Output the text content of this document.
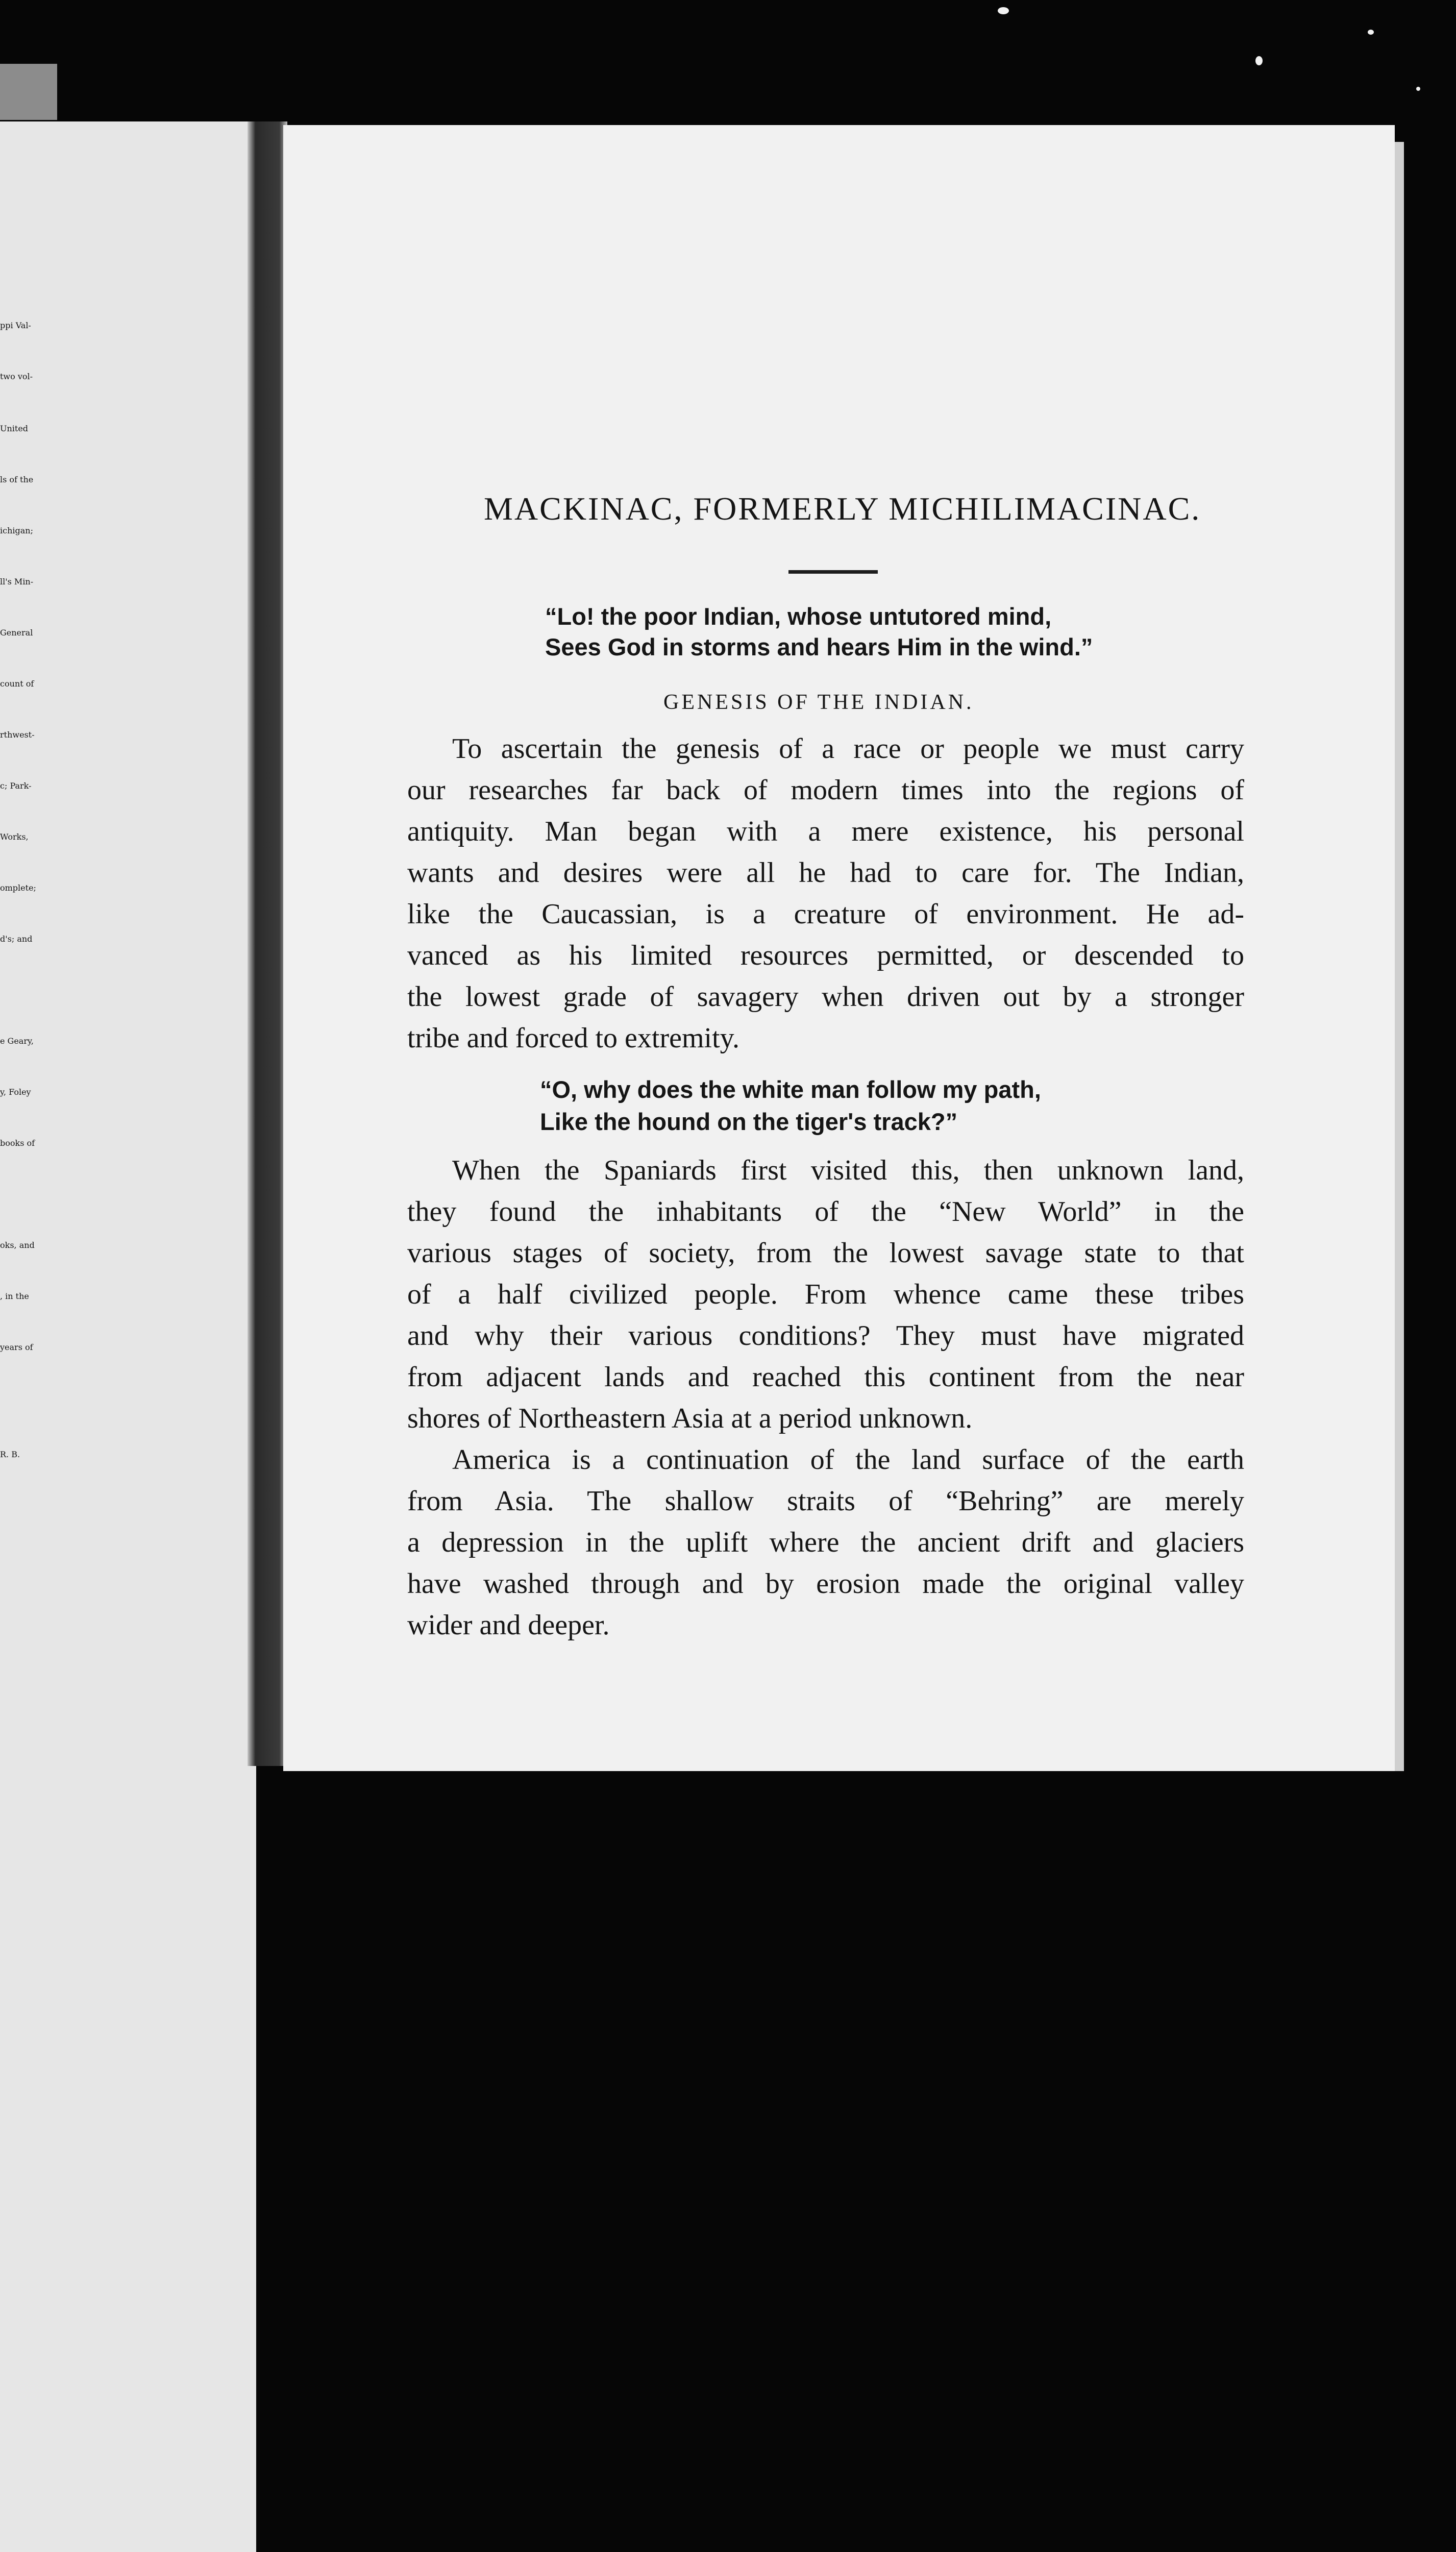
ppi Val-
two vol-
United
ls of the
ichigan;
ll's Min-
General
count of
rthwest-
c; Park-
Works,
omplete;
d's; and
e Geary,
y, Foley
books of
oks, and
, in the
years of
R. B.
MACKINAC, FORMERLY MICHILIMACINAC.
“Lo! the poor Indian, whose untutored mind,
Sees God in storms and hears Him in the wind.”
GENESIS OF THE INDIAN.
To ascertain the genesis of a race or people we must carry
our researches far back of modern times into the regions of
antiquity. Man began with a mere existence, his personal
wants and desires were all he had to care for. The Indian,
like the Caucassian, is a creature of environment. He ad-
vanced as his limited resources permitted, or descended to
the lowest grade of savagery when driven out by a stronger
tribe and forced to extremity.
“O, why does the white man follow my path,
Like the hound on the tiger's track?”
When the Spaniards first visited this, then unknown land,
they found the inhabitants of the “New World” in the
various stages of society, from the lowest savage state to that
of a half civilized people. From whence came these tribes
and why their various conditions? They must have migrated
from adjacent lands and reached this continent from the near
shores of Northeastern Asia at a period unknown.
America is a continuation of the land surface of the earth
from Asia. The shallow straits of “Behring” are merely
a depression in the uplift where the ancient drift and glaciers
have washed through and by erosion made the original valley
wider and deeper.
